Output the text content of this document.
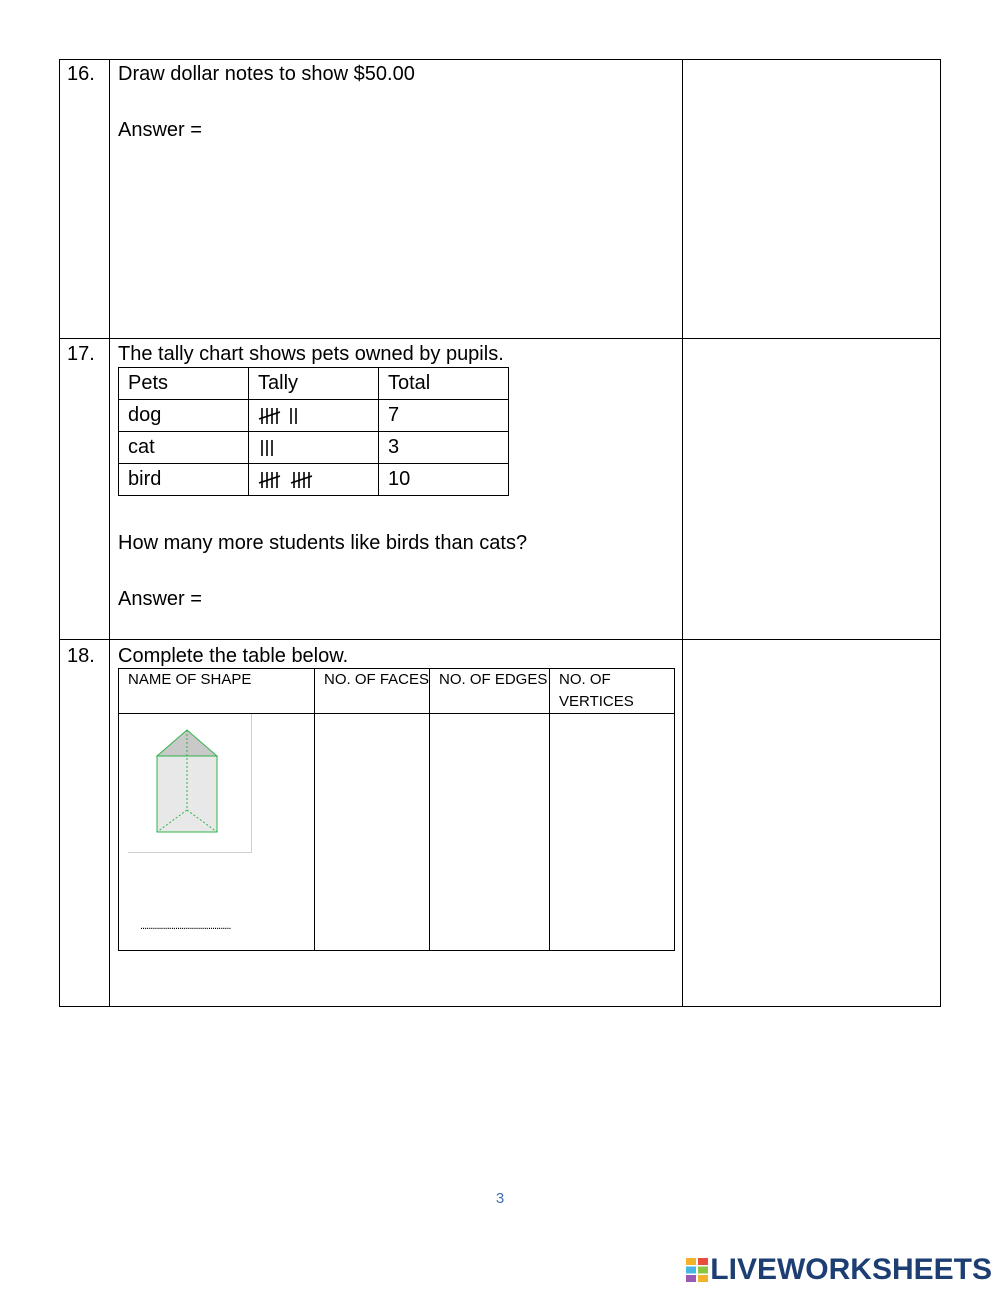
16. Draw dollar notes to show $50.00
Answer =
17. The tally chart shows pets owned by pupils.
Pets	Tally	Total
dog		7
cat		3
bird		10
How many more students like birds than cats?
Answer =
18. Complete the table below.
NAME OF SHAPE	NO. OF FACES	NO. OF EDGES	NO. OF VERTICES

............................................			

3
LIVEWORKSHEETS
